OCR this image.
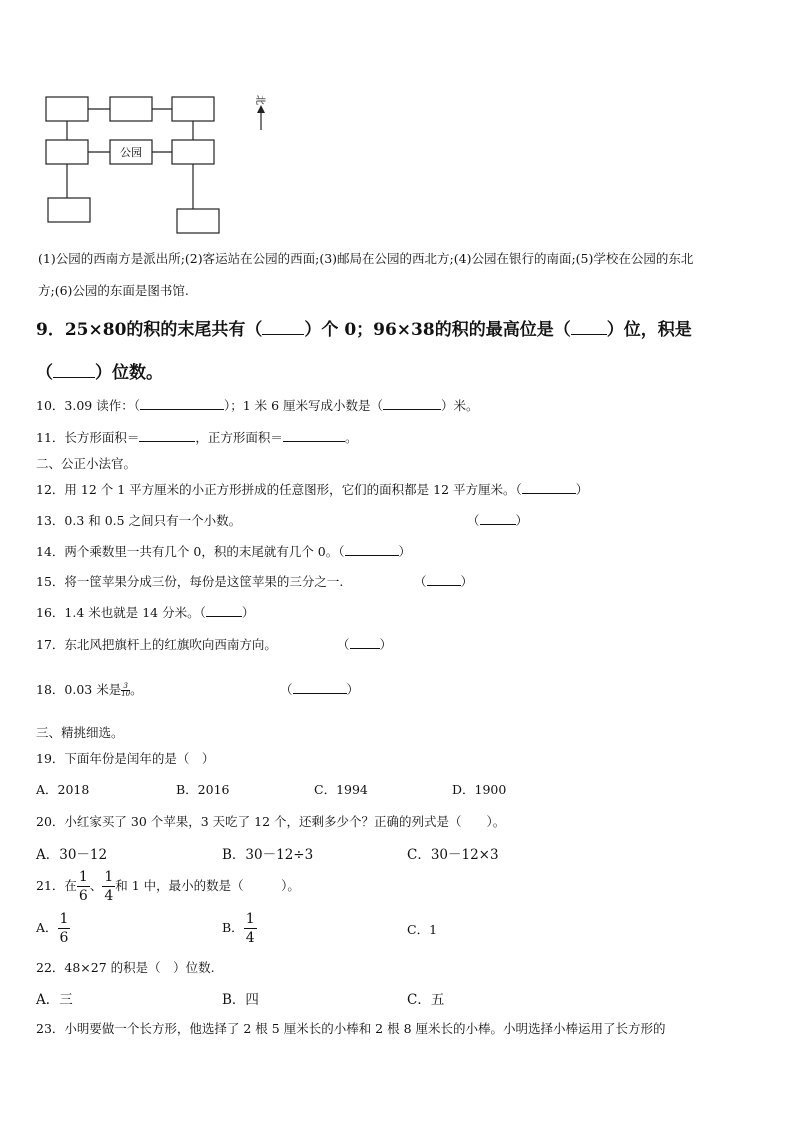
公园
北
(1)公园的西南方是派出所;(2)客运站在公园的西面;(3)邮局在公园的西北方;(4)公园在银行的南面;(5)学校在公园的东北
方;(6)公园的东面是图书馆.
9．25×80的积的末尾共有（ ）个 0；96×38的积的最高位是（ ）位，积是
（ ）位数。
10．3.09 读作：（	）；1 米 6 厘米写成小数是（	）米。
11．长方形面积＝	，正方形面积＝	。
二、公正小法官。
12．用 12 个 1 平方厘米的小正方形拼成的任意图形，它们的面积都是 12 平方厘米。（	）
13．0.3 和 0.5 之间只有一个小数。	（	）
14．两个乘数里一共有几个 0，积的末尾就有几个 0。（	）
15．将一筐苹果分成三份，每份是这筐苹果的三分之一.	（	）
16．1.4 米也就是 14 分米。（	）
17．东北风把旗杆上的红旗吹向西南方向。	（ ）
18．0.03 米是 $\frac{3}{10}$ 。	（	）
三、精挑细选。
19．下面年份是闰年的是（　）
A．2018	B．2016	C．1994	D．1900
20．小红家买了 30 个苹果，3 天吃了 12 个，还剩多少个？正确的列式是（　　）。
A．30－12	B．30－12÷3	C．30－12×3
21．在 $\frac{1}{6}$ 、 $\frac{1}{4}$ 和 1 中，最小的数是（　　　）。
A． $\frac{1}{6}$	B． $\frac{1}{4}$	C．1
22．48×27 的积是（　）位数.
A．三	B．四	C．五
23．小明要做一个长方形，他选择了 2 根 5 厘米长的小棒和 2 根 8 厘米长的小棒。小明选择小棒运用了长方形的
